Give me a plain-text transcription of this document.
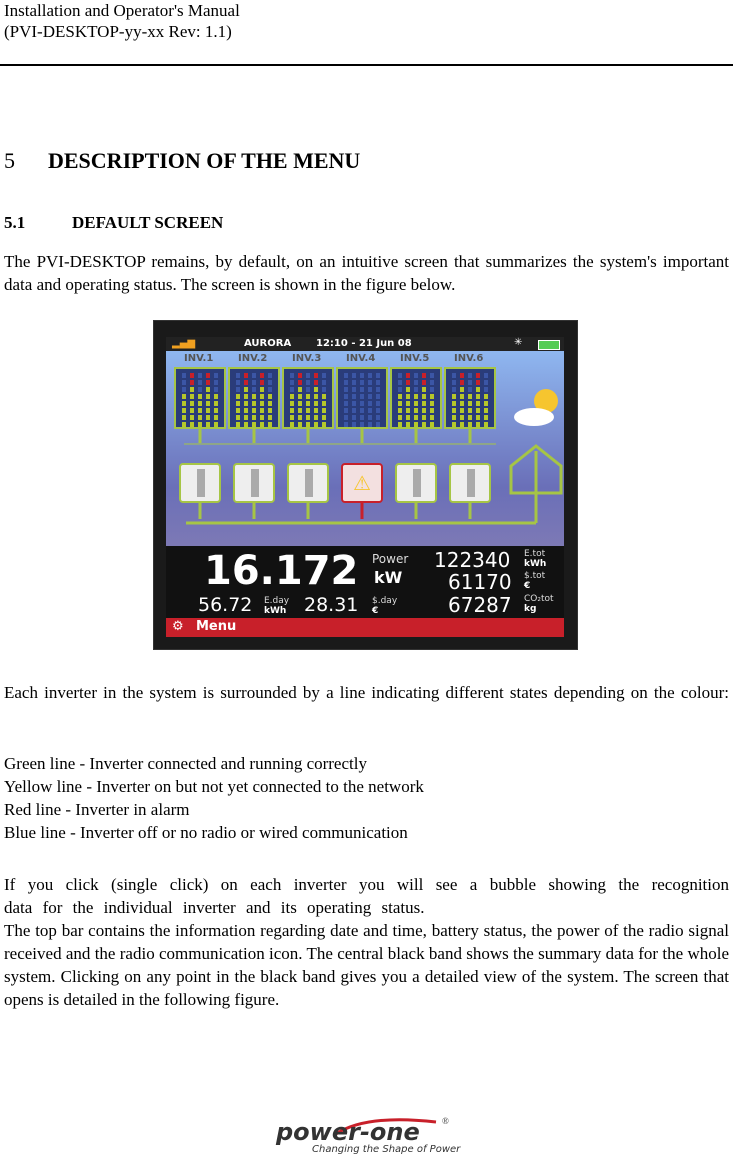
Installation and Operator's Manual
(PVI-DESKTOP-yy-xx Rev: 1.1)
5 DESCRIPTION OF THE MENU
5.1	DEFAULT SCREEN

The PVI-DESKTOP remains, by default, on an intuitive screen that summarizes the system's important data and operating status. The screen is shown in the figure below.

▂▄▆	AURORA 12:10 - 21 Jun 08	✳
INV.1 INV.2 INV.3 INV.4 INV.5 INV.6
⚠
16.172 Power
kW
122340 E.tot
kWh
61170 $.tot
€
67287 CO₂tot
kg
56.72 E.day
kWh 28.31 $.day
€
⚙ Menu

Each inverter in the system is surrounded by a line indicating different states depending on the colour:

Green line - Inverter connected and running correctly
Yellow line - Inverter on but not yet connected to the network
Red line - Inverter in alarm
Blue line - Inverter off or no radio or wired communication

If you click (single click) on each inverter you will see a bubble showing the recognition data for the individual inverter and its operating status.

The top bar contains the information regarding date and time, battery status, the power of the radio signal received and the radio communication icon. The central black band shows the summary data for the whole system. Clicking on any point in the black band gives you a detailed view of the system. The screen that opens is detailed in the following figure.

power-one ®
Changing the Shape of Power
